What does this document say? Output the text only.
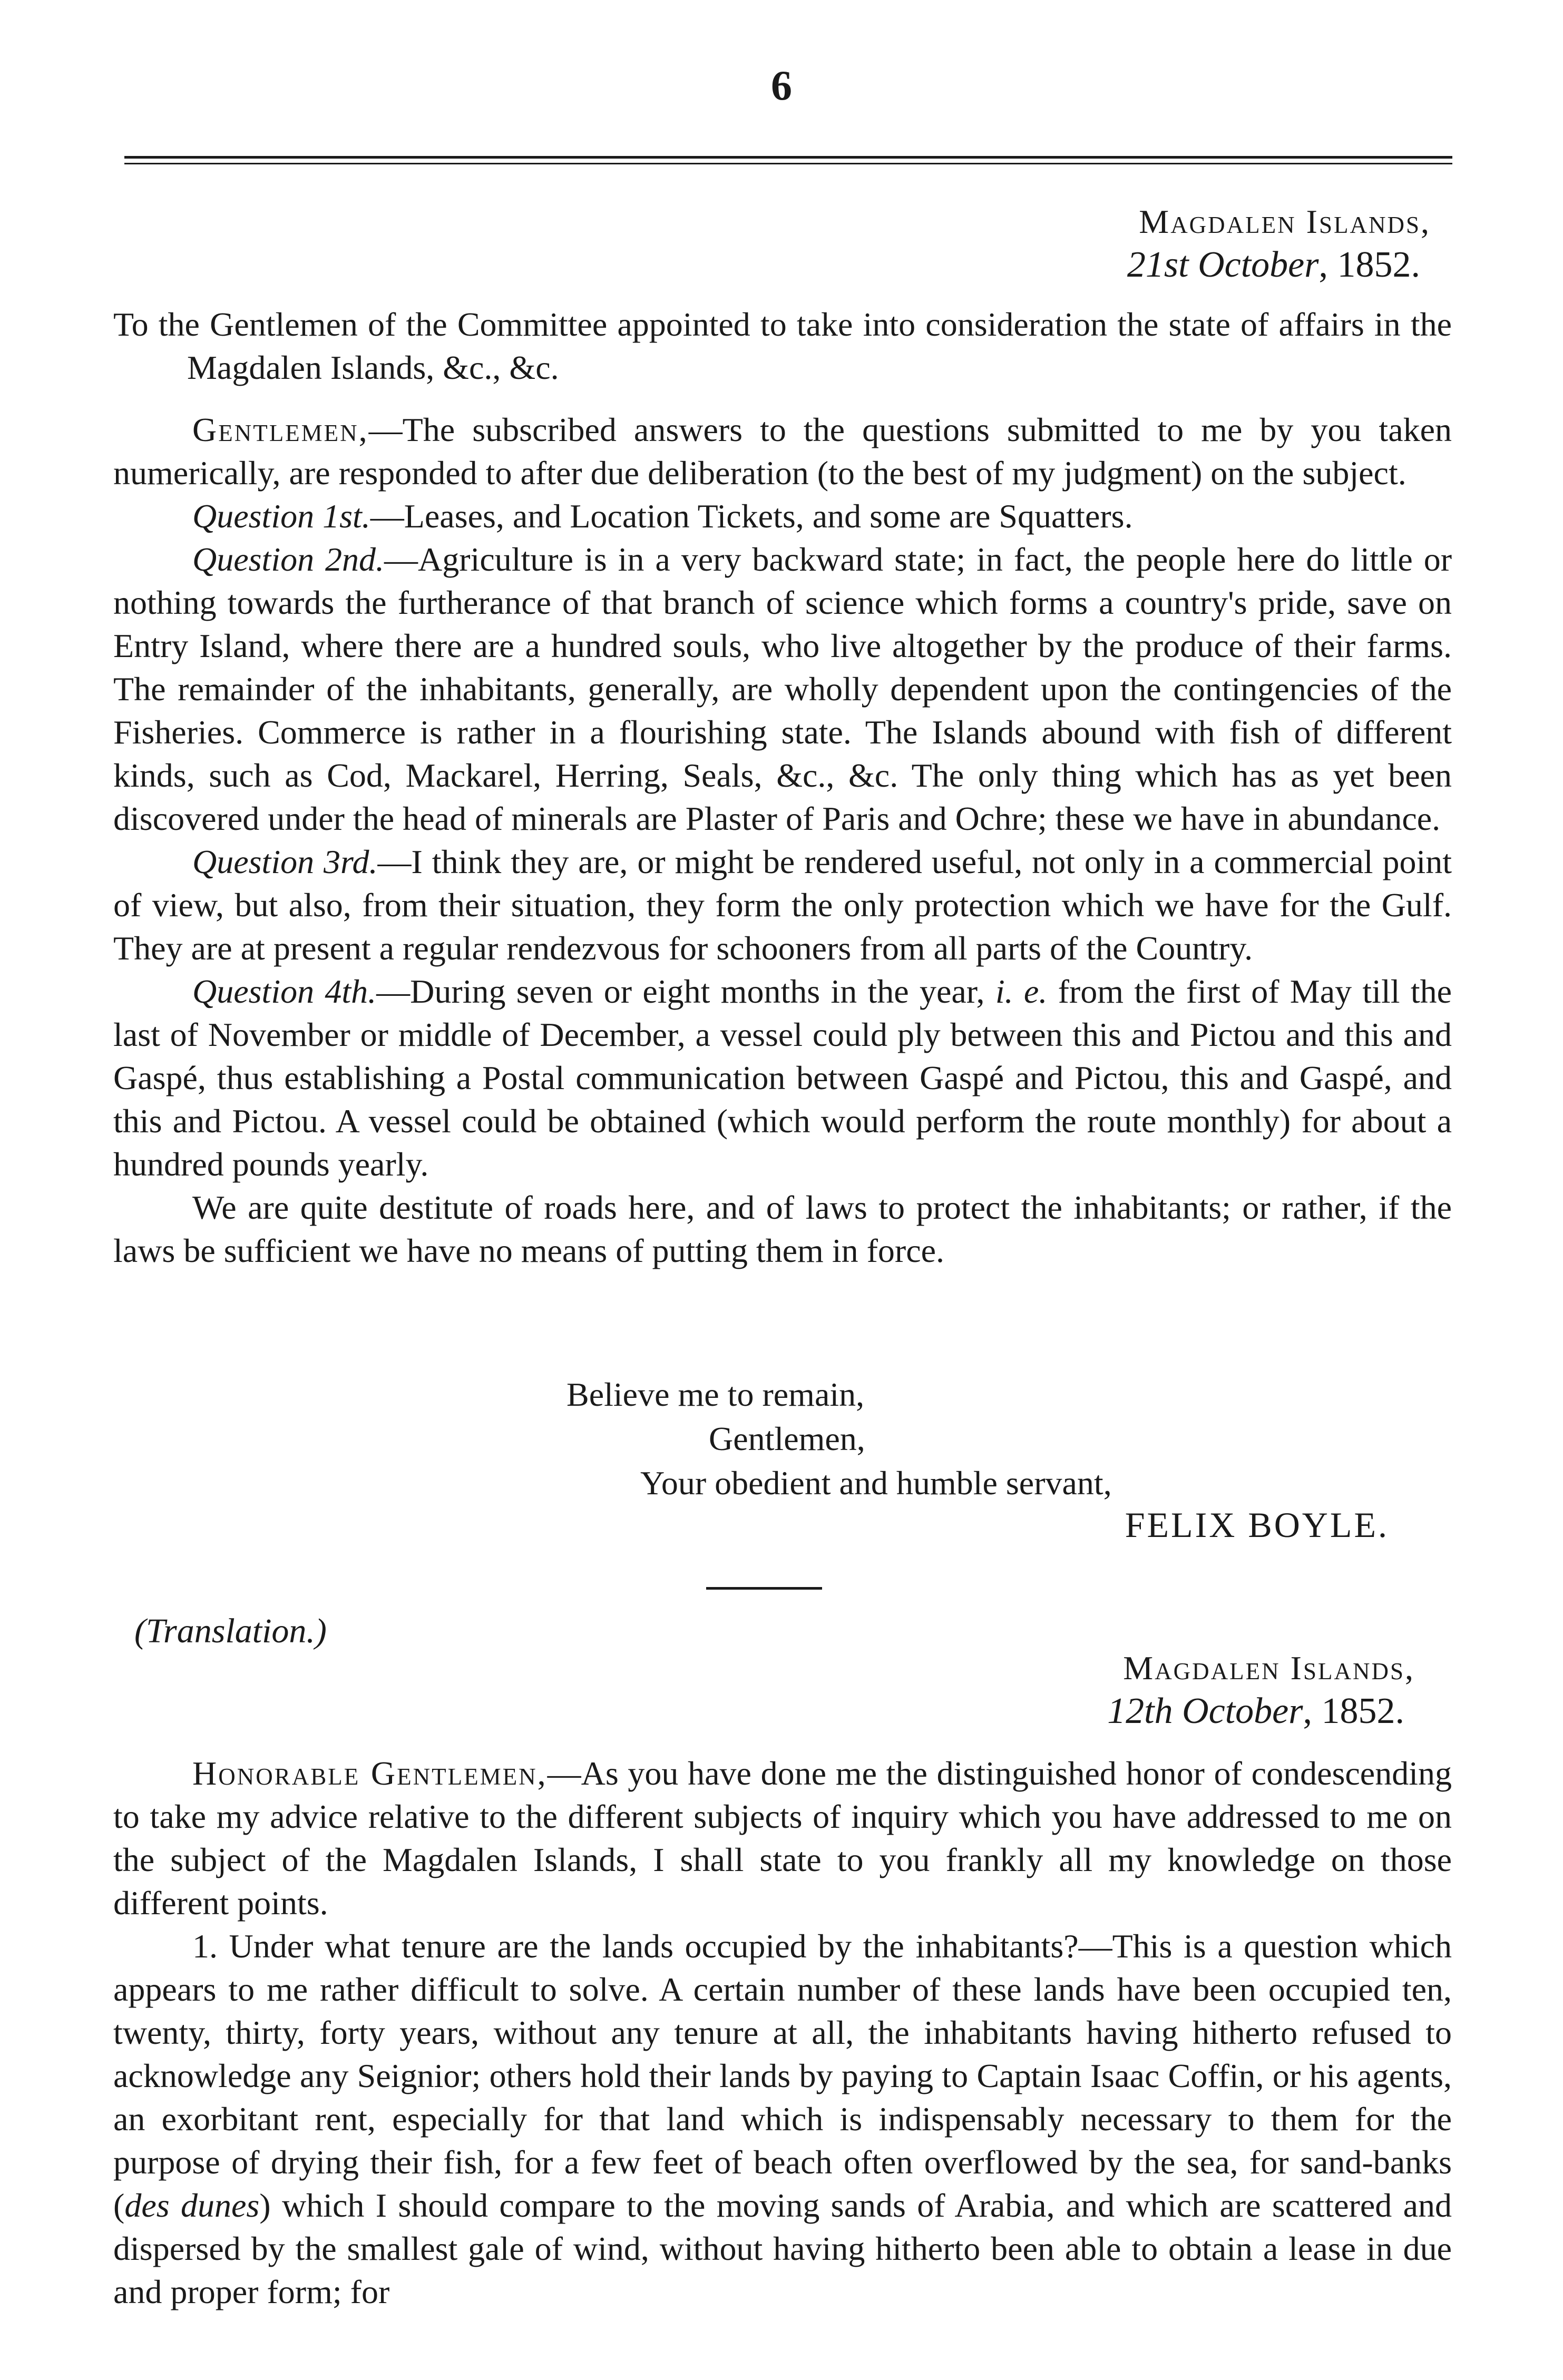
6
Magdalen Islands,
21st October, 1852.

To the Gentlemen of the Committee appointed to take into consideration the state of affairs in the Magdalen Islands, &c., &c.

Gentlemen,—The subscribed answers to the questions submitted to me by you taken numerically, are responded to after due deliberation (to the best of my judgment) on the subject.

Question 1st.—Leases, and Location Tickets, and some are Squatters.

Question 2nd.—Agriculture is in a very backward state; in fact, the people here do little or nothing towards the furtherance of that branch of science which forms a country's pride, save on Entry Island, where there are a hundred souls, who live altogether by the produce of their farms. The remainder of the inhabitants, generally, are wholly dependent upon the contingencies of the Fisheries. Commerce is rather in a flourishing state. The Islands abound with fish of different kinds, such as Cod, Mackarel, Herring, Seals, &c., &c. The only thing which has as yet been discovered under the head of minerals are Plaster of Paris and Ochre; these we have in abundance.

Question 3rd.—I think they are, or might be rendered useful, not only in a commercial point of view, but also, from their situation, they form the only protection which we have for the Gulf. They are at present a regular rendezvous for schooners from all parts of the Country.

Question 4th.—During seven or eight months in the year, i. e. from the first of May till the last of November or middle of December, a vessel could ply between this and Pictou and this and Gaspé, thus establishing a Postal communication between Gaspé and Pictou, this and Gaspé, and this and Pictou. A vessel could be obtained (which would perform the route monthly) for about a hundred pounds yearly.

We are quite destitute of roads here, and of laws to protect the inhabitants; or rather, if the laws be sufficient we have no means of putting them in force.

Believe me to remain,
Gentlemen,
Your obedient and humble servant,
FELIX BOYLE.
(Translation.)
Magdalen Islands,
12th October, 1852.

Honorable Gentlemen,—As you have done me the distinguished honor of condescending to take my advice relative to the different subjects of inquiry which you have addressed to me on the subject of the Magdalen Islands, I shall state to you frankly all my knowledge on those different points.

1. Under what tenure are the lands occupied by the inhabitants?—This is a question which appears to me rather difficult to solve. A certain number of these lands have been occupied ten, twenty, thirty, forty years, without any tenure at all, the inhabitants having hitherto refused to acknowledge any Seignior; others hold their lands by paying to Captain Isaac Coffin, or his agents, an exorbitant rent, especially for that land which is indispensably necessary to them for the purpose of drying their fish, for a few feet of beach often overflowed by the sea, for sand-banks (des dunes) which I should compare to the moving sands of Arabia, and which are scattered and dispersed by the smallest gale of wind, without having hitherto been able to obtain a lease in due and proper form; for
